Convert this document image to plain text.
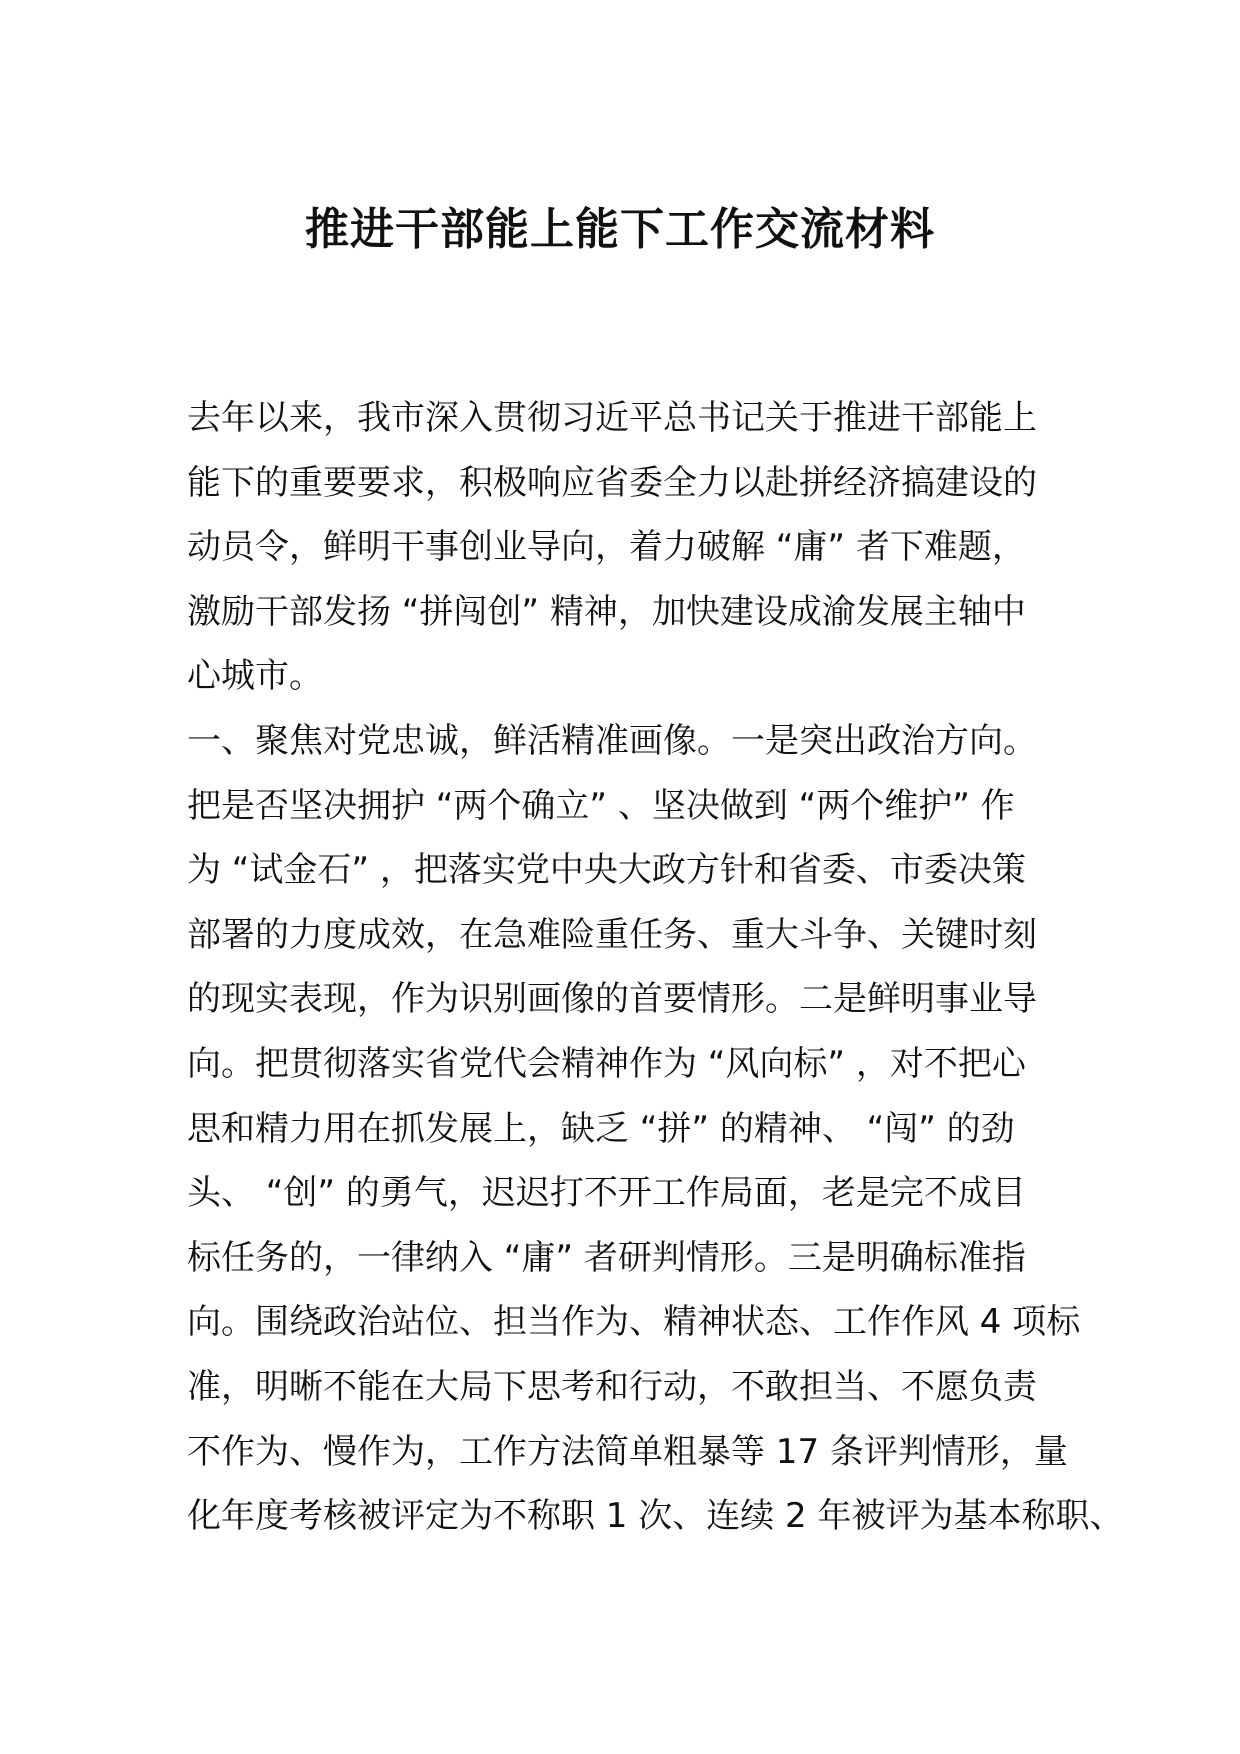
推进干部能上能下工作交流材料
去年以来，我市深入贯彻习近平总书记关于推进干部能上
能下的重要要求，积极响应省委全力以赴拼经济搞建设的
动员令，鲜明干事创业导向，着力破解 “庸” 者下难题，
激励干部发扬 “拼闯创” 精神，加快建设成渝发展主轴中
心城市。
一、聚焦对党忠诚，鲜活精准画像。一是突出政治方向。
把是否坚决拥护 “两个确立” 、坚决做到 “两个维护” 作
为 “试金石” ，把落实党中央大政方针和省委、市委决策
部署的力度成效，在急难险重任务、重大斗争、关键时刻
的现实表现，作为识别画像的首要情形。二是鲜明事业导
向。把贯彻落实省党代会精神作为 “风向标” ，对不把心
思和精力用在抓发展上，缺乏 “拼” 的精神、 “闯” 的劲
头、 “创” 的勇气，迟迟打不开工作局面，老是完不成目
标任务的，一律纳入 “庸” 者研判情形。三是明确标准指
向。围绕政治站位、担当作为、精神状态、工作作风 4 项标
准，明晰不能在大局下思考和行动，不敢担当、不愿负责
不作为、慢作为，工作方法简单粗暴等 17 条评判情形，量
化年度考核被评定为不称职 1 次、连续 2 年被评为基本称职、
